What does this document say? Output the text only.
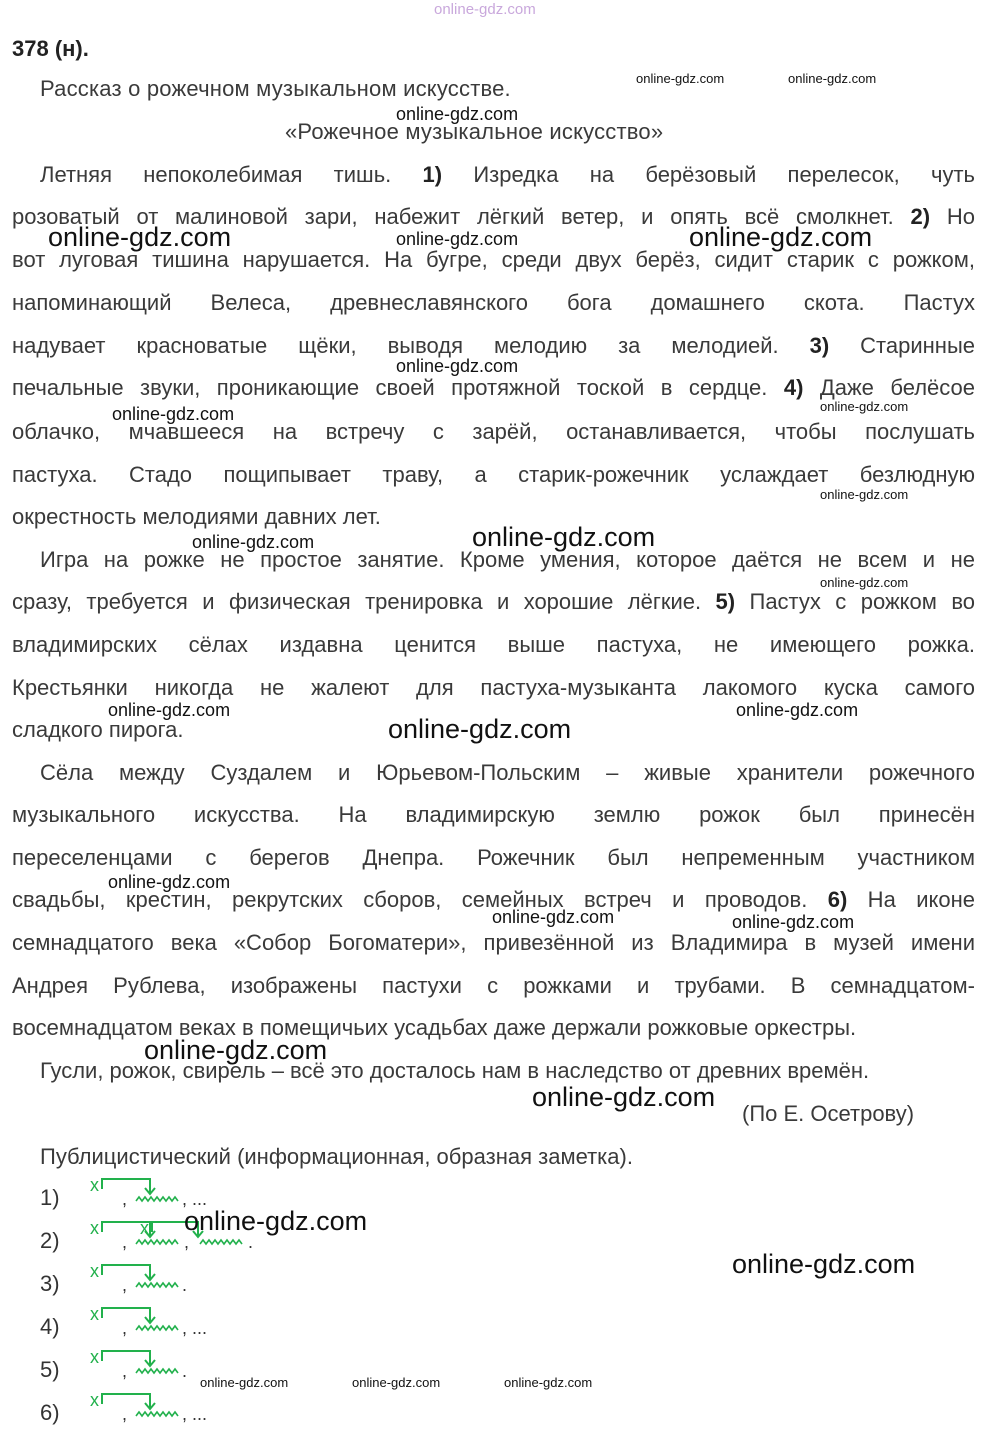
online-gdz.com
378 (н).
Рассказ о рожечном музыкальном искусстве.
«Рожечное музыкальное искусство»
Летняя непоколебимая тишь. 1) Изредка на берёзовый перелесок, чуть
розоватый от малиновой зари, набежит лёгкий ветер, и опять всё смолкнет. 2) Но
вот луговая тишина нарушается. На бугре, среди двух берёз, сидит старик с рожком,
напоминающий Велеса, древнеславянского бога домашнего скота. Пастух
надувает красноватые щёки, выводя мелодию за мелодией. 3) Старинные
печальные звуки, проникающие своей протяжной тоской в сердце. 4) Даже белёсое
облачко, мчавшееся на встречу с зарёй, останавливается, чтобы послушать
пастуха. Стадо пощипывает траву, а старик-рожечник услаждает безлюдную
окрестность мелодиями давних лет.
Игра на рожке не простое занятие. Кроме умения, которое даётся не всем и не
сразу, требуется и физическая тренировка и хорошие лёгкие. 5) Пастух с рожком во
владимирских сёлах издавна ценится выше пастуха, не имеющего рожка.
Крестьянки никогда не жалеют для пастуха-музыканта лакомого куска самого
сладкого пирога.
Сёла между Суздалем и Юрьевом-Польским – живые хранители рожечного
музыкального искусства. На владимирскую землю рожок был принесён
переселенцами с берегов Днепра. Рожечник был непременным участником
свадьбы, крестин, рекрутских сборов, семейных встреч и проводов. 6) На иконе
семнадцатого века «Собор Богоматери», привезённой из Владимира в музей имени
Андрея Рублева, изображены пастухи с рожками и трубами. В семнадцатом-
восемнадцатом веках в помещичьих усадьбах даже держали рожковые оркестры.
Гусли, рожок, свирель – всё это досталось нам в наследство от древних времён.
(По Е. Осетрову)
Публицистический (информационная, образная заметка).
1) х
,	, ...
2) х х
,	,	.
3) х
,	.
4) х
,	, ...
5) х
,	.
6) х
,	, ...
online-gdz.com	online-gdz.com
online-gdz.com
online-gdz.com	online-gdz.com	online-gdz.com
online-gdz.com
online-gdz.com
online-gdz.com
online-gdz.com
online-gdz.com
online-gdz.com
online-gdz.com
online-gdz.com	online-gdz.com
online-gdz.com
online-gdz.com
online-gdz.com	online-gdz.com
online-gdz.com
online-gdz.com
online-gdz.com
online-gdz.com
online-gdz.com	online-gdz.com	online-gdz.com
